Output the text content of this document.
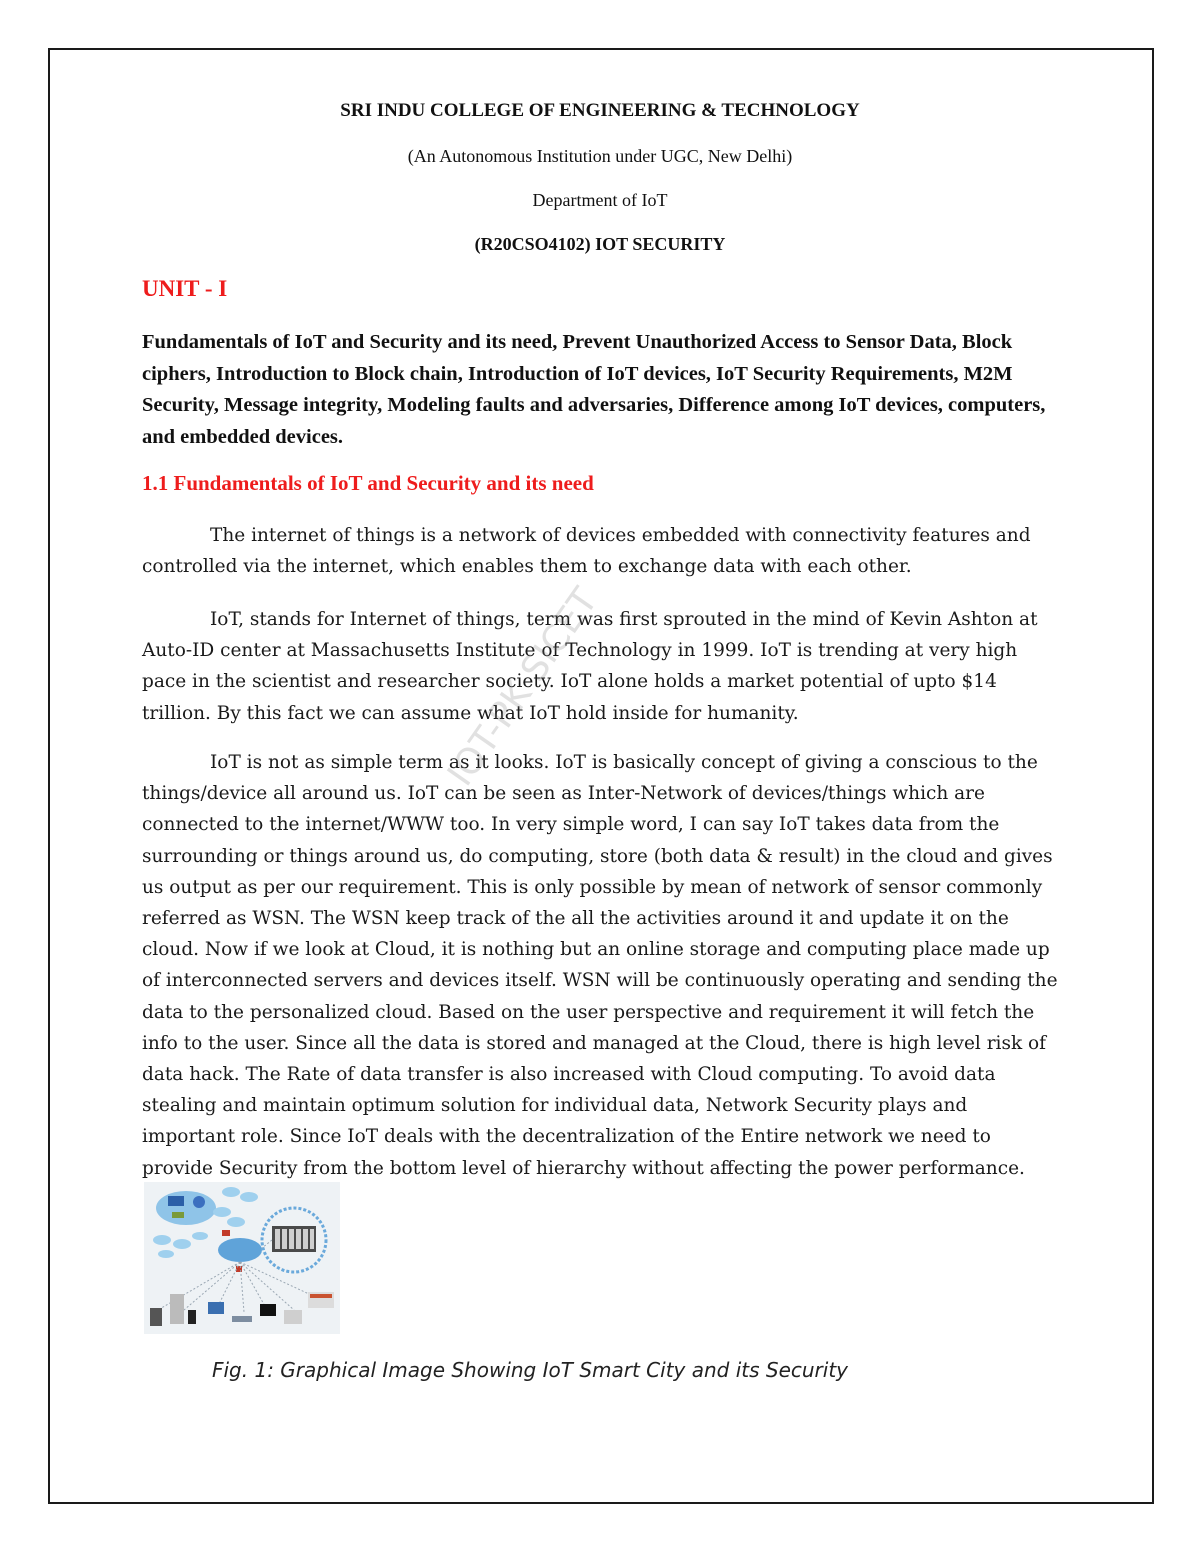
SRI INDU COLLEGE OF ENGINEERING & TECHNOLOGY
(An Autonomous Institution under UGC, New Delhi)
Department of IoT
(R20CSO4102) IOT SECURITY
UNIT - I

Fundamentals of IoT and Security and its need, Prevent Unauthorized Access to Sensor Data, Block ciphers, Introduction to Block chain, Introduction of IoT devices, IoT Security Requirements, M2M Security, Message integrity, Modeling faults and adversaries, Difference among IoT devices, computers, and embedded devices.

1.1 Fundamentals of IoT and Security and its need

The internet of things is a network of devices embedded with connectivity features and controlled via the internet, which enables them to exchange data with each other.

IoT, stands for Internet of things, term was first sprouted in the mind of Kevin Ashton at Auto-ID center at Massachusetts Institute of Technology in 1999. IoT is trending at very high pace in the scientist and researcher society. IoT alone holds a market potential of upto $14 trillion. By this fact we can assume what IoT hold inside for humanity.

IoT is not as simple term as it looks. IoT is basically concept of giving a conscious to the things/device all around us. IoT can be seen as Inter-Network of devices/things which are connected to the internet/WWW too. In very simple word, I can say IoT takes data from the surrounding or things around us, do computing, store (both data & result) in the cloud and gives us output as per our requirement. This is only possible by mean of network of sensor commonly referred as WSN. The WSN keep track of the all the activities around it and update it on the cloud. Now if we look at Cloud, it is nothing but an online storage and computing place made up of interconnected servers and devices itself. WSN will be continuously operating and sending the data to the personalized cloud. Based on the user perspective and requirement it will fetch the info to the user. Since all the data is stored and managed at the Cloud, there is high level risk of data hack. The Rate of data transfer is also increased with Cloud computing. To avoid data stealing and maintain optimum solution for individual data, Network Security plays and important role. Since IoT deals with the decentralization of the Entire network we need to provide Security from the bottom level of hierarchy without affecting the power performance.

Fig. 1: Graphical Image Showing IoT Smart City and its Security
IOT-PK SICET
